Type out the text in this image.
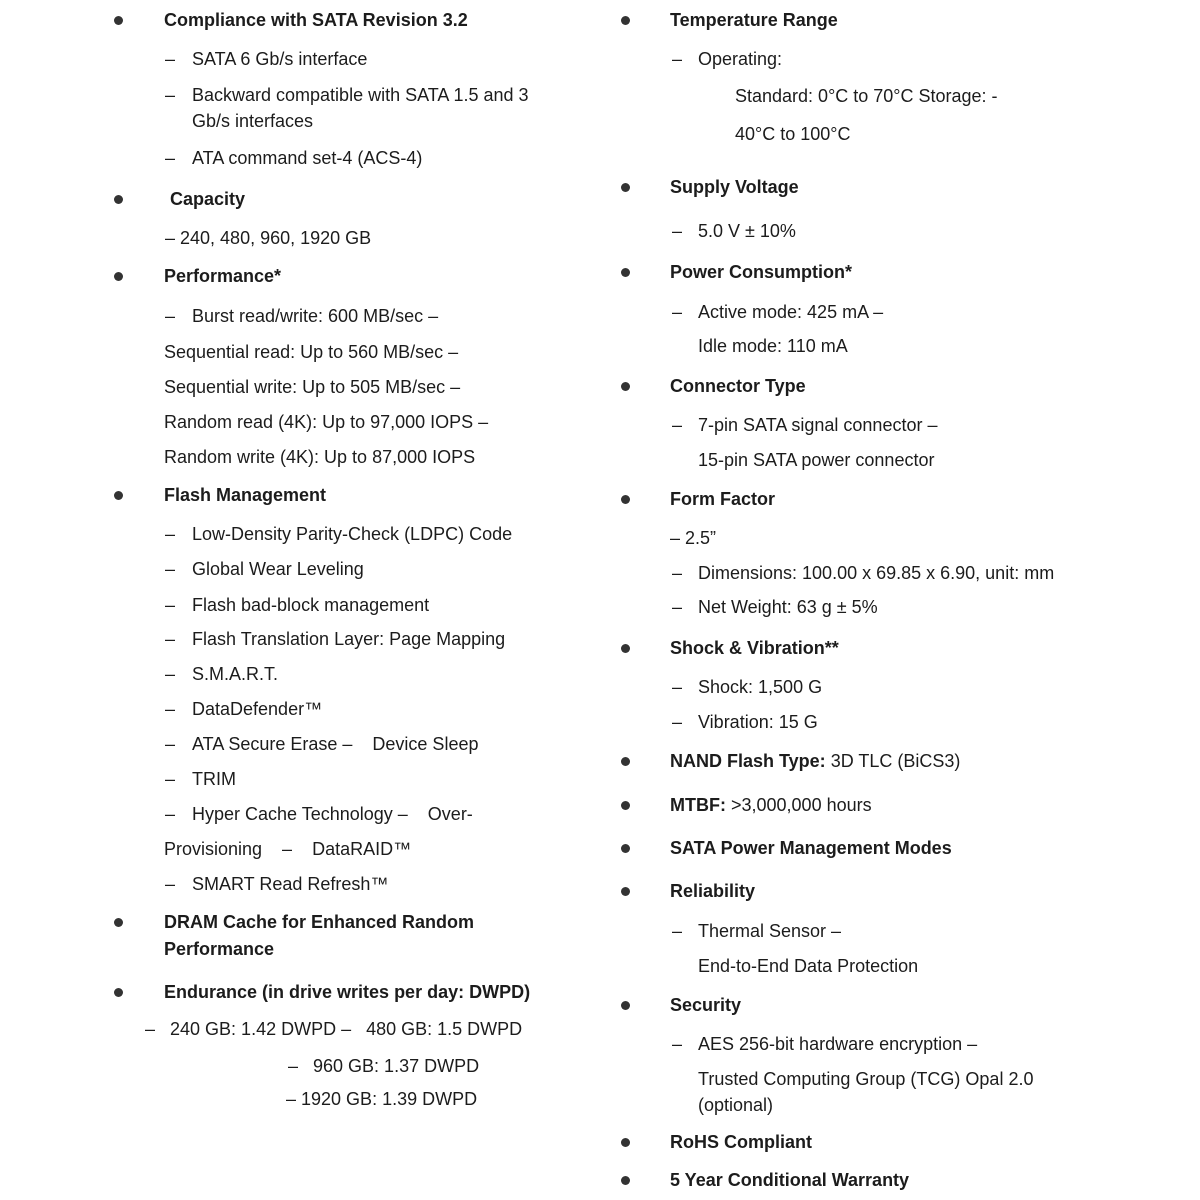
Compliance with SATA Revision 3.2
– SATA 6 Gb/s interface
– Backward compatible with SATA 1.5 and 3
Gb/s interfaces
– ATA command set-4 (ACS-4)
Capacity
– 240, 480, 960, 1920 GB
Performance*
– Burst read/write: 600 MB/sec –
Sequential read: Up to 560 MB/sec –
Sequential write: Up to 505 MB/sec –
Random read (4K): Up to 97,000 IOPS –
Random write (4K): Up to 87,000 IOPS
Flash Management
– Low-Density Parity-Check (LDPC) Code
– Global Wear Leveling
– Flash bad-block management
– Flash Translation Layer: Page Mapping
– S.M.A.R.T.
– DataDefender™
– ATA Secure Erase –    Device Sleep
– TRIM
– Hyper Cache Technology –    Over-
Provisioning    –    DataRAID™
– SMART Read Refresh™
DRAM Cache for Enhanced Random
Performance
Endurance (in drive writes per day: DWPD)
–   240 GB: 1.42 DWPD –   480 GB: 1.5 DWPD
–   960 GB: 1.37 DWPD
– 1920 GB: 1.39 DWPD
Temperature Range
– Operating:
Standard: 0°C to 70°C Storage: -
40°C to 100°C
Supply Voltage
– 5.0 V ± 10%
Power Consumption*
– Active mode: 425 mA –
Idle mode: 110 mA
Connector Type
– 7-pin SATA signal connector –
15-pin SATA power connector
Form Factor
– 2.5”
– Dimensions: 100.00 x 69.85 x 6.90, unit: mm
– Net Weight: 63 g ± 5%
Shock & Vibration**
– Shock: 1,500 G
– Vibration: 15 G
NAND Flash Type: 3D TLC (BiCS3)
MTBF: >3,000,000 hours
SATA Power Management Modes
Reliability
– Thermal Sensor –
End-to-End Data Protection
Security
– AES 256-bit hardware encryption –
Trusted Computing Group (TCG) Opal 2.0
(optional)
RoHS Compliant
5 Year Conditional Warranty
